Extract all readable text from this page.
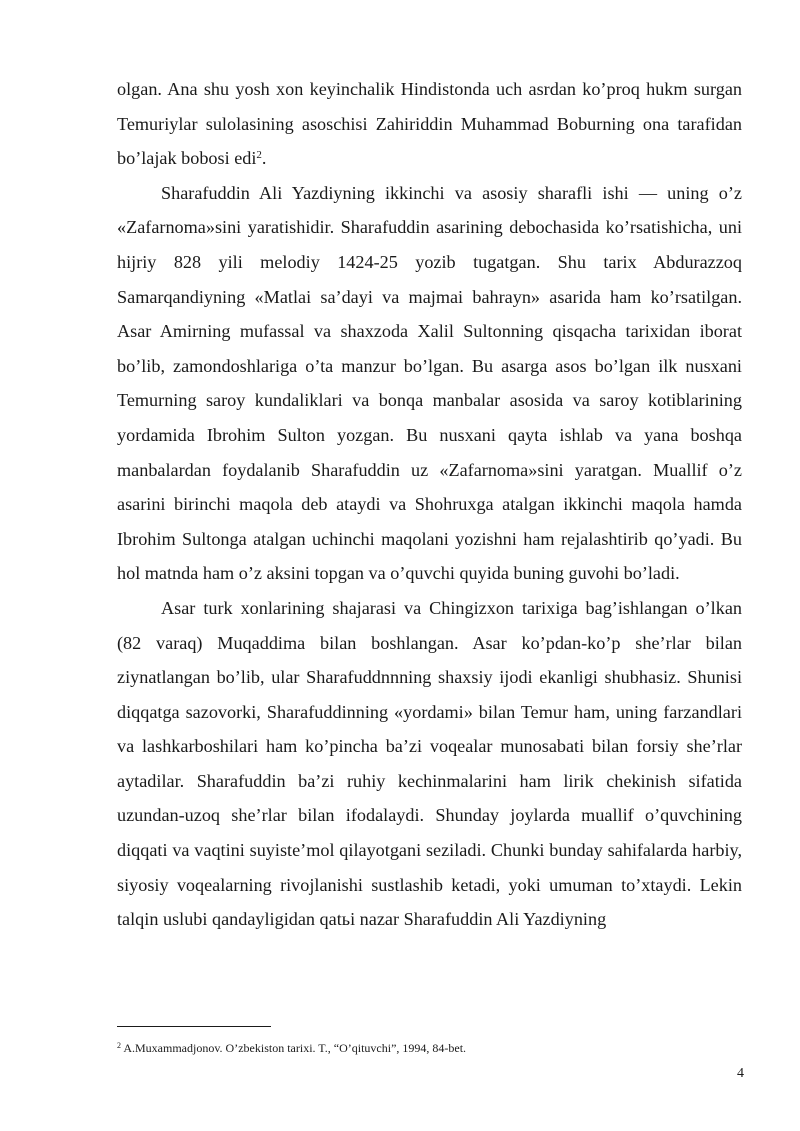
olgan. Ana shu yosh xon keyinchalik Hindistonda uch asrdan ko’proq hukm surgan Temuriylar sulolasining asoschisi Zahiriddin Muhammad Boburning ona tarafidan bo’lajak bobosi edi$^2$.

Sharafuddin Ali Yazdiyning ikkinchi va asosiy sharafli ishi — uning o’z «Zafarnoma»sini yaratishidir. Sharafuddin asarining debochasida ko’rsatishicha, uni hijriy 828 yili melodiy 1424-25 yozib tugatgan. Shu tarix Abdurazzoq Samarqandiyning «Matlai sa’dayi va majmai bahrayn» asarida ham ko’rsatilgan. Asar Amirning mufassal va shaxzoda Xalil Sultonning qisqacha tarixidan iborat bo’lib, zamondoshlariga o’ta manzur bo’lgan. Bu asarga asos bo’lgan ilk nusxani Temurning saroy kundaliklari va bonqa manbalar asosida va saroy kotiblarining yordamida Ibrohim Sulton yozgan. Bu nusxani qayta ishlab va yana boshqa manbalardan foydalanib Sharafuddin uz «Zafarnoma»sini yaratgan. Muallif o’z asarini birinchi maqola deb ataydi va Shohruxga atalgan ikkinchi maqola hamda Ibrohim Sultonga atalgan uchinchi maqolani yozishni ham rejalashtirib qo’yadi. Bu hol matnda ham o’z aksini topgan va o’quvchi quyida buning guvohi bo’ladi.

Asar turk xonlarining shajarasi va Chingizxon tarixiga bag’ishlangan o’lkan (82 varaq) Muqaddima bilan boshlangan. Asar ko’pdan-ko’p she’rlar bilan ziynatlangan bo’lib, ular Sharafuddnnning shaxsiy ijodi ekanligi shubhasiz. Shunisi diqqatga sazovorki, Sharafuddinning «yordami» bilan Temur ham, uning farzandlari va lashkarboshilari ham ko’pincha ba’zi voqealar munosabati bilan forsiy she’rlar aytadilar. Sharafuddin ba’zi ruhiy kechinmalarini ham lirik chekinish sifatida uzundan-uzoq she’rlar bilan ifodalaydi. Shunday joylarda muallif o’quvchining diqqati va vaqtini suyiste’mol qilayotgani seziladi. Chunki bunday sahifalarda harbiy, siyosiy voqealarning rivojlanishi sustlashib ketadi, yoki umuman to’xtaydi. Lekin talqin uslubi qandayligidan qatьi nazar Sharafuddin Ali Yazdiyning

$^2$ A.Muxammadjonov. O’zbekiston tarixi. T., “O’qituvchi”, 1994, 84-bet.
4
